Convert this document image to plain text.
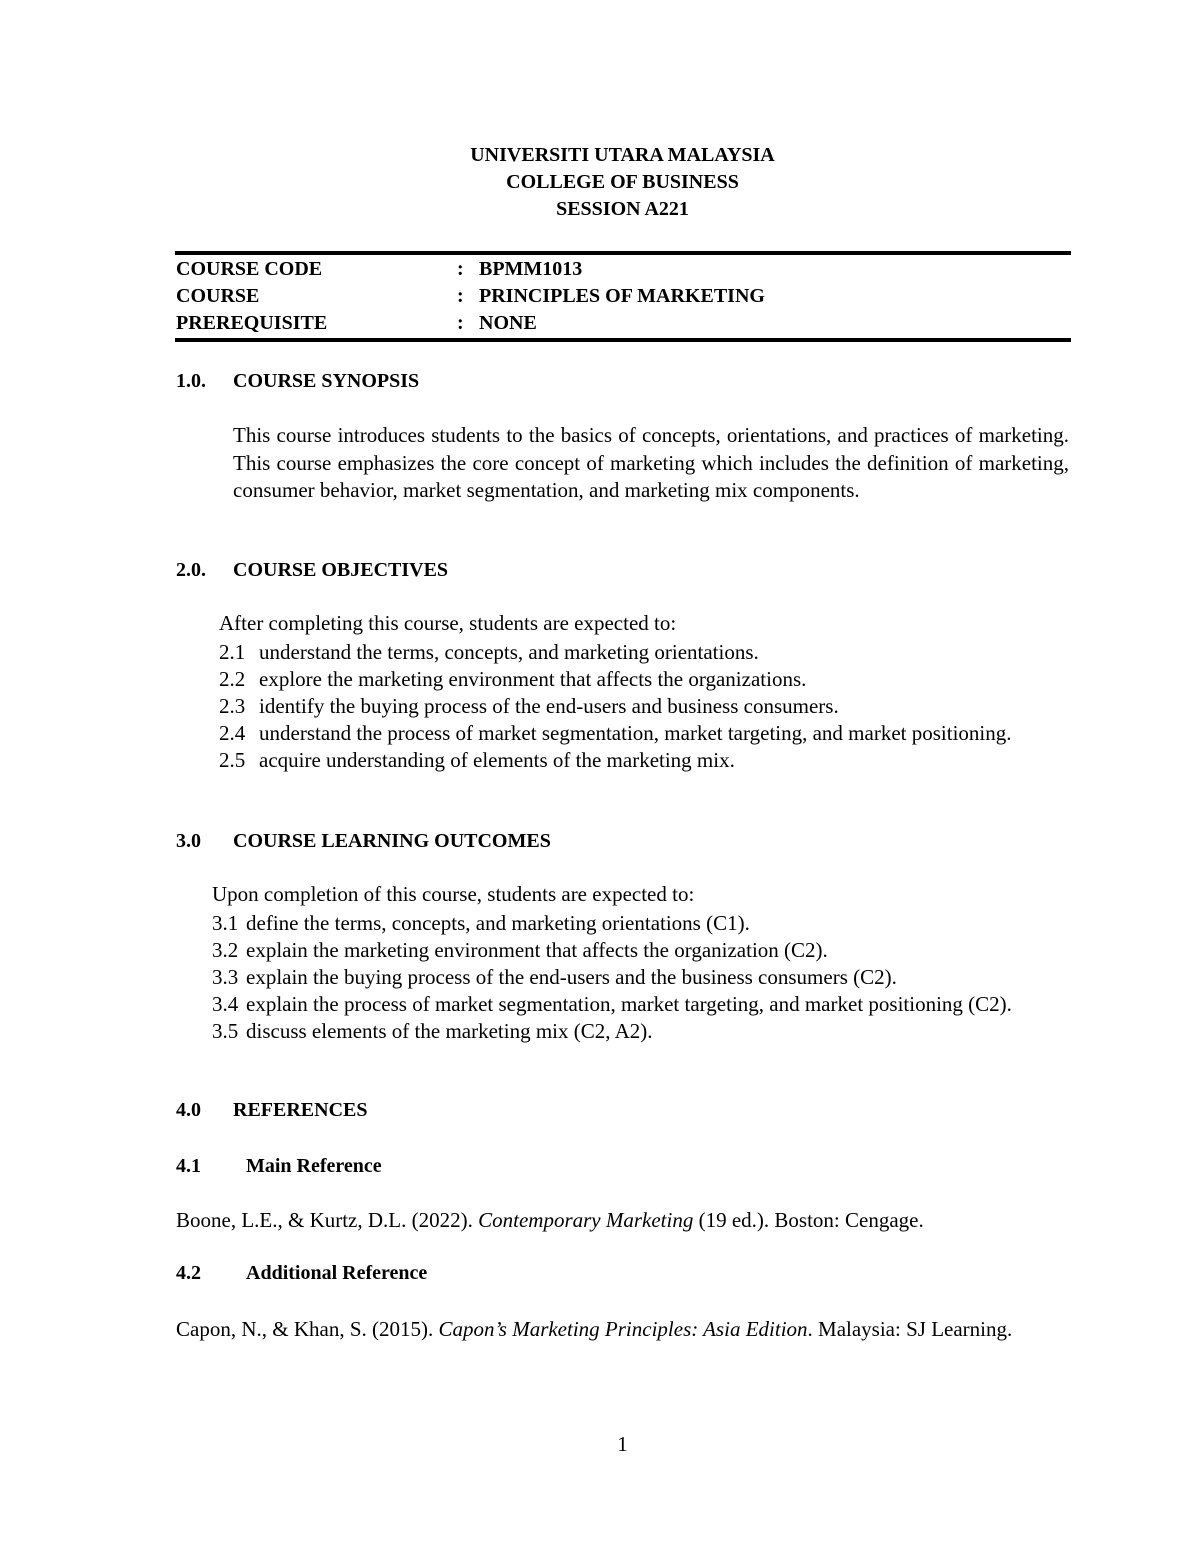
UNIVERSITI UTARA MALAYSIA
COLLEGE OF BUSINESS
SESSION A221
COURSE CODE	: BPMM1013
COURSE	: PRINCIPLES OF MARKETING
PREREQUISITE	: NONE
1.0. COURSE SYNOPSIS
This course introduces students to the basics of concepts, orientations, and practices of marketing. This course emphasizes the core concept of marketing which includes the definition of marketing, consumer behavior, market segmentation, and marketing mix components.
2.0. COURSE OBJECTIVES
After completing this course, students are expected to:
2.1 understand the terms, concepts, and marketing orientations.
2.2 explore the marketing environment that affects the organizations.
2.3 identify the buying process of the end-users and business consumers.
2.4 understand the process of market segmentation, market targeting, and market positioning.
2.5 acquire understanding of elements of the marketing mix.
3.0 COURSE LEARNING OUTCOMES
Upon completion of this course, students are expected to:
3.1 define the terms, concepts, and marketing orientations (C1).
3.2 explain the marketing environment that affects the organization (C2).
3.3 explain the buying process of the end-users and the business consumers (C2).
3.4 explain the process of market segmentation, market targeting, and market positioning (C2).
3.5 discuss elements of the marketing mix (C2, A2).
4.0 REFERENCES
4.1 Main Reference
Boone, L.E., & Kurtz, D.L. (2022). Contemporary Marketing (19 ed.). Boston: Cengage.
4.2 Additional Reference
Capon, N., & Khan, S. (2015). Capon’s Marketing Principles: Asia Edition. Malaysia: SJ Learning.
1
